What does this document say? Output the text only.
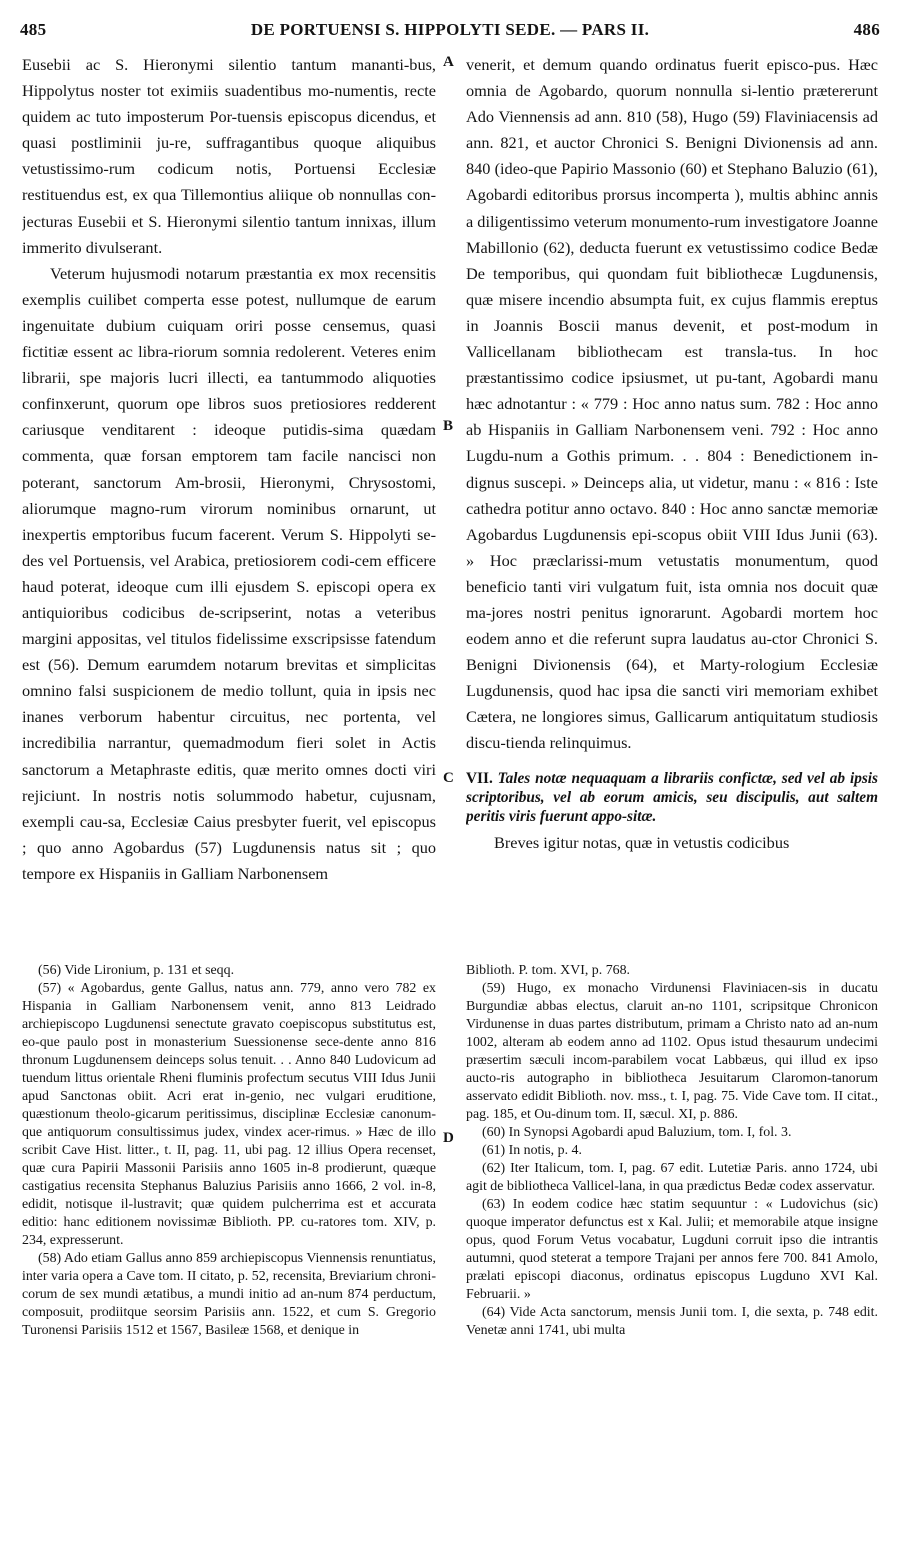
485	DE PORTUENSI S. HIPPOLYTI SEDE. — PARS II.	486

Eusebii ac S. Hieronymi silentio tantum mananti-bus, Hippolytus noster tot eximiis suadentibus mo-numentis, recte quidem ac tuto imposterum Por-tuensis episcopus dicendus, et quasi postliminii ju-re, suffragantibus quoque aliquibus vetustissimo-rum codicum notis, Portuensi Ecclesiæ restituendus est, ex qua Tillemontius aliique ob nonnullas con-jecturas Eusebii et S. Hieronymi silentio tantum innixas, illum immerito divulserant.

Veterum hujusmodi notarum præstantia ex mox recensitis exemplis cuilibet comperta esse potest, nullumque de earum ingenuitate dubium cuiquam oriri posse censemus, quasi fictitiæ essent ac libra-riorum somnia redolerent. Veteres enim librarii, spe majoris lucri illecti, ea tantummodo aliquoties confinxerunt, quorum ope libros suos pretiosiores redderent cariusque venditarent : ideoque putidis-sima quædam commenta, quæ forsan emptorem tam facile nancisci non poterant, sanctorum Am-brosii, Hieronymi, Chrysostomi, aliorumque magno-rum virorum nominibus ornarunt, ut inexpertis emptoribus fucum facerent. Verum S. Hippolyti se-des vel Portuensis, vel Arabica, pretiosiorem codi-cem efficere haud poterat, ideoque cum illi ejusdem S. episcopi opera ex antiquioribus codicibus de-scripserint, notas a veteribus margini appositas, vel titulos fidelissime exscripsisse fatendum est (56). Demum earumdem notarum brevitas et simplicitas omnino falsi suspicionem de medio tollunt, quia in ipsis nec inanes verborum habentur circuitus, nec portenta, vel incredibilia narrantur, quemadmodum fieri solet in Actis sanctorum a Metaphraste editis, quæ merito omnes docti viri rejiciunt. In nostris notis solummodo habetur, cujusnam, exempli cau-sa, Ecclesiæ Caius presbyter fuerit, vel episcopus ; quo anno Agobardus (57) Lugdunensis natus sit ; quo tempore ex Hispaniis in Galliam Narbonensem

A
B
C
D

venerit, et demum quando ordinatus fuerit episco-pus. Hæc omnia de Agobardo, quorum nonnulla si-lentio prætererunt Ado Viennensis ad ann. 810 (58), Hugo (59) Flaviniacensis ad ann. 821, et auctor Chronici S. Benigni Divionensis ad ann. 840 (ideo-que Papirio Massonio (60) et Stephano Baluzio (61), Agobardi editoribus prorsus incomperta ), multis abhinc annis a diligentissimo veterum monumento-rum investigatore Joanne Mabillonio (62), deducta fuerunt ex vetustissimo codice Bedæ De temporibus, qui quondam fuit bibliothecæ Lugdunensis, quæ misere incendio absumpta fuit, ex cujus flammis ereptus in Joannis Boscii manus devenit, et post-modum in Vallicellanam bibliothecam est transla-tus. In hoc præstantissimo codice ipsiusmet, ut pu-tant, Agobardi manu hæc adnotantur : « 779 : Hoc anno natus sum. 782 : Hoc anno ab Hispaniis in Galliam Narbonensem veni. 792 : Hoc anno Lugdu-num a Gothis primum. . . 804 : Benedictionem in-dignus suscepi. » Deinceps alia, ut videtur, manu : « 816 : Iste cathedra potitur anno octavo. 840 : Hoc anno sanctæ memoriæ Agobardus Lugdunensis epi-scopus obiit VIII Idus Junii (63). » Hoc præclarissi-mum vetustatis monumentum, quod beneficio tanti viri vulgatum fuit, ista omnia nos docuit quæ ma-jores nostri penitus ignorarunt. Agobardi mortem hoc eodem anno et die referunt supra laudatus au-ctor Chronici S. Benigni Divionensis (64), et Marty-rologium Ecclesiæ Lugdunensis, quod hac ipsa die sancti viri memoriam exhibet Cætera, ne longiores simus, Gallicarum antiquitatum studiosis discu-tienda relinquimus.

VII. Tales notæ nequaquam a librariis confictæ, sed vel ab ipsis scriptoribus, vel ab eorum amicis, seu discipulis, aut saltem peritis viris fuerunt appo-sitæ.

Breves igitur notas, quæ in vetustis codicibus

(56) Vide Lironium, p. 131 et seqq.

(57) « Agobardus, gente Gallus, natus ann. 779, anno vero 782 ex Hispania in Galliam Narbonensem venit, anno 813 Leidrado archiepiscopo Lugdunensi senectute gravato coepiscopus substitutus est, eo-que paulo post in monasterium Suessionense sece-dente anno 816 thronum Lugdunensem deinceps solus tenuit. . . Anno 840 Ludovicum ad tuendum littus orientale Rheni fluminis profectum secutus VIII Idus Junii apud Sanctonas obiit. Acri erat in-genio, nec vulgari eruditione, quæstionum theolo-gicarum peritissimus, disciplinæ Ecclesiæ canonum-que antiquorum consultissimus judex, vindex acer-rimus. » Hæc de illo scribit Cave Hist. litter., t. II, pag. 11, ubi pag. 12 illius Opera recenset, quæ cura Papirii Massonii Parisiis anno 1605 in-8 prodierunt, quæque castigatius recensita Stephanus Baluzius Parisiis anno 1666, 2 vol. in-8, edidit, notisque il-lustravit; quæ quidem pulcherrima est et accurata editio: hanc editionem novissimæ Biblioth. PP. cu-ratores tom. XIV, p. 234, expresserunt.

(58) Ado etiam Gallus anno 859 archiepiscopus Viennensis renuntiatus, inter varia opera a Cave tom. II citato, p. 52, recensita, Breviarium chroni-corum de sex mundi ætatibus, a mundi initio ad an-num 874 perductum, composuit, prodiitque seorsim Parisiis ann. 1522, et cum S. Gregorio Turonensi Parisiis 1512 et 1567, Basileæ 1568, et denique in

Biblioth. P. tom. XVI, p. 768.

(59) Hugo, ex monacho Virdunensi Flaviniacen-sis in ducatu Burgundiæ abbas electus, claruit an-no 1101, scripsitque Chronicon Virdunense in duas partes distributum, primam a Christo nato ad an-num 1002, alteram ab eodem anno ad 1102. Opus istud thesaurum undecimi præsertim sæculi incom-parabilem vocat Labbæus, qui illud ex ipso aucto-ris autographo in bibliotheca Jesuitarum Claromon-tanorum asservato edidit Biblioth. nov. mss., t. I, pag. 75. Vide Cave tom. II citat., pag. 185, et Ou-dinum tom. II, sæcul. XI, p. 886.

(60) In Synopsi Agobardi apud Baluzium, tom. I, fol. 3.

(61) In notis, p. 4.

(62) Iter Italicum, tom. I, pag. 67 edit. Lutetiæ Paris. anno 1724, ubi agit de bibliotheca Vallicel-lana, in qua prædictus Bedæ codex asservatur.

(63) In eodem codice hæc statim sequuntur : « Ludovichus (sic) quoque imperator defunctus est x Kal. Julii; et memorabile atque insigne opus, quod Forum Vetus vocabatur, Lugduni corruit ipso die intrantis autumni, quod steterat a tempore Trajani per annos fere 700. 841 Amolo, prælati episcopi diaconus, ordinatus episcopus Lugduno XVI Kal. Februarii. »

(64) Vide Acta sanctorum, mensis Junii tom. I, die sexta, p. 748 edit. Venetæ anni 1741, ubi multa
